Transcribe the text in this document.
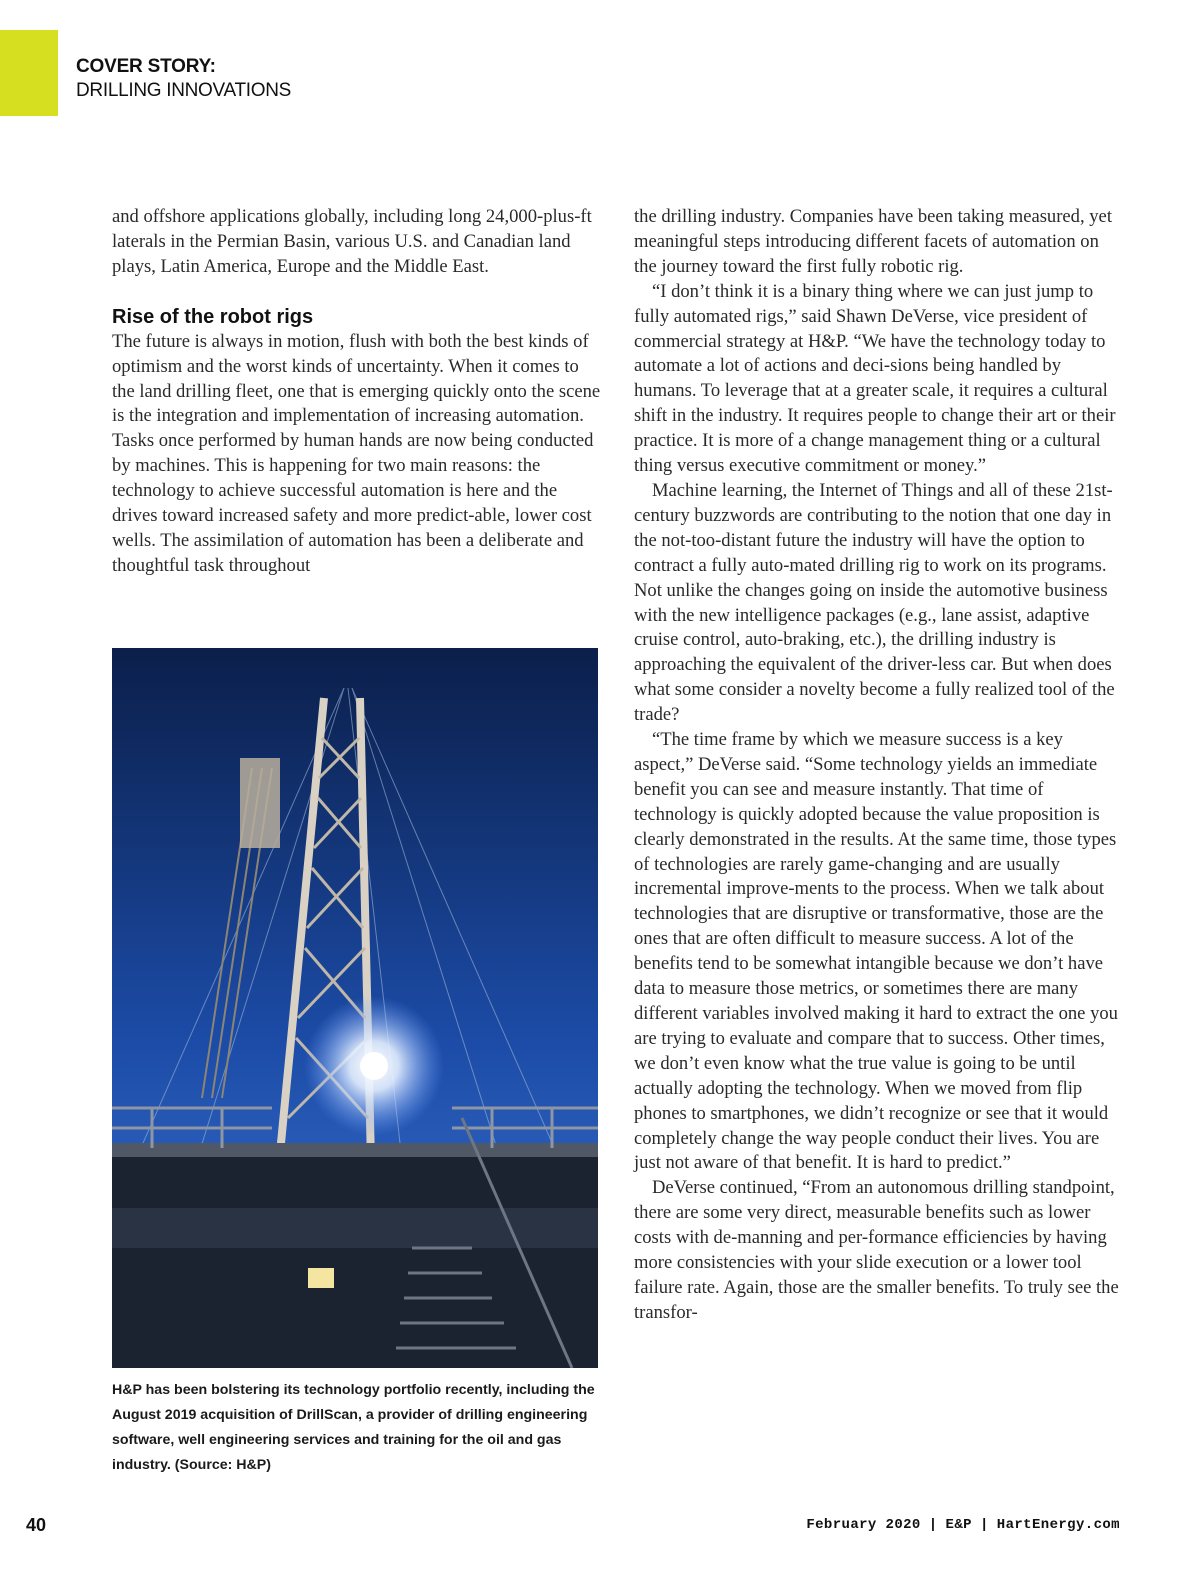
COVER STORY:
DRILLING INNOVATIONS

and offshore applications globally, including long 24,000-plus-ft laterals in the Permian Basin, various U.S. and Canadian land plays, Latin America, Europe and the Middle East.

Rise of the robot rigs

The future is always in motion, flush with both the best kinds of optimism and the worst kinds of uncertainty. When it comes to the land drilling fleet, one that is emerging quickly onto the scene is the integration and implementation of increasing automation. Tasks once performed by human hands are now being conducted by machines. This is happening for two main reasons: the technology to achieve successful automation is here and the drives toward increased safety and more predict-able, lower cost wells. The assimilation of automation has been a deliberate and thoughtful task throughout

H&P has been bolstering its technology portfolio recently, including the August 2019 acquisition of DrillScan, a provider of drilling engineering software, well engineering services and training for the oil and gas industry. (Source: H&P)

the drilling industry. Companies have been taking measured, yet meaningful steps introducing different facets of automation on the journey toward the first fully robotic rig.

“I don’t think it is a binary thing where we can just jump to fully automated rigs,” said Shawn DeVerse, vice president of commercial strategy at H&P. “We have the technology today to automate a lot of actions and deci-sions being handled by humans. To leverage that at a greater scale, it requires a cultural shift in the industry. It requires people to change their art or their practice. It is more of a change management thing or a cultural thing versus executive commitment or money.”

Machine learning, the Internet of Things and all of these 21st-century buzzwords are contributing to the notion that one day in the not-too-distant future the industry will have the option to contract a fully auto-mated drilling rig to work on its programs. Not unlike the changes going on inside the automotive business with the new intelligence packages (e.g., lane assist, adaptive cruise control, auto-braking, etc.), the drilling industry is approaching the equivalent of the driver-less car. But when does what some consider a novelty become a fully realized tool of the trade?

“The time frame by which we measure success is a key aspect,” DeVerse said. “Some technology yields an immediate benefit you can see and measure instantly. That time of technology is quickly adopted because the value proposition is clearly demonstrated in the results. At the same time, those types of technologies are rarely game-changing and are usually incremental improve-ments to the process. When we talk about technologies that are disruptive or transformative, those are the ones that are often difficult to measure success. A lot of the benefits tend to be somewhat intangible because we don’t have data to measure those metrics, or sometimes there are many different variables involved making it hard to extract the one you are trying to evaluate and compare that to success. Other times, we don’t even know what the true value is going to be until actually adopting the technology. When we moved from flip phones to smartphones, we didn’t recognize or see that it would completely change the way people conduct their lives. You are just not aware of that benefit. It is hard to predict.”

DeVerse continued, “From an autonomous drilling standpoint, there are some very direct, measurable benefits such as lower costs with de-manning and per-formance efficiencies by having more consistencies with your slide execution or a lower tool failure rate. Again, those are the smaller benefits. To truly see the transfor-

40	February 2020 | E&P | HartEnergy.com
